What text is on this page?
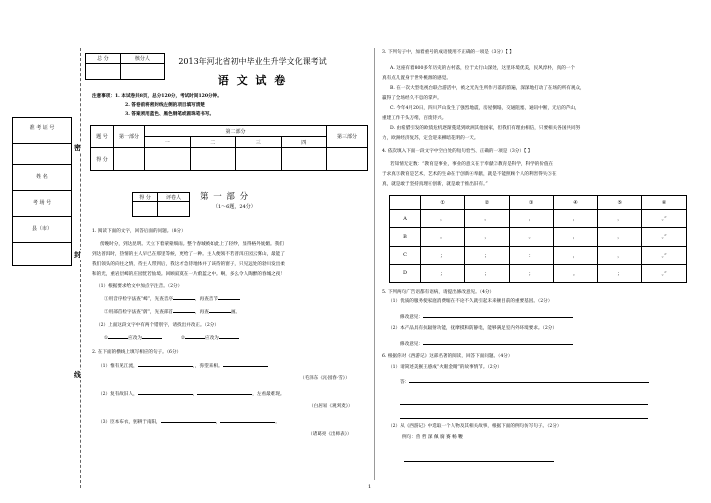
总 分	核分人

准 考 证 号
姓 名
考 场 号
县（市）
密
封
线
2013年河北省初中毕业生升学文化课考试
语 文 试 卷
注意事项：1. 本试卷共8页，总分120分，考试时间120分钟。
2. 答卷前将密封线左侧的项目填写清楚
3. 答案须用蓝色、黑色钢笔或圆珠笔书写。
题 号	第一部分	第二部分				第三部分
		一	二	三	四	
得 分						
得 分	评卷人
	第 一 部 分
（1～6题，24分）
1. 阅读下面的文字，回答后面的问题。（8分）
傍晚时分，到达昆明。天立下着蒙蒙细雨。整个春城被如此上了轻纱，显得格外妩媚。我们
到达普洱时，热情的主人早已在那里等候，更给了一种。主人便领不若普洱庄园云雾山，最能了
我们领头的向往之情，待主人带到后，我这才急待地体并了该待的窗子，只见远处的勃川发出柔
和的光，重岩层嶂的庄园恍若仙境。回顾寂寞在一片蔚蓝之中。啊，多么令人陶醉的春城之夜！
（1）根据要求给文中加点字注音。（2分）
①用音序检字法查“嶂”，先查音序	，再查音节
②用部首检字法查“蔚”，先查部首	，再查	画。
（2）上面这段文字中有两个错别字，请找出并改正。（2分）
①	应改为	②	应改为
2. 在下面的横线上填写相应的句子。（6分）
（1）惟有见江流，	，，弥望来相。
（毛泽东《沁园春·雪》）
（2）复有故旧人，	，	，左看最难现。
（白居易《观刈麦》）
（3）臣本布衣，躬耕于南阳，	，	。
（诸葛亮《出师表》）
1
3. 下列句子中，加着重号的成语使用不正确的一项是（3分）【 】
A. 这座有着800多年历史的古村落，位于太行山深处，这里环境优美，民风淳朴，真的一个
真有点儿置身于世外桃源的感觉。
B. 在一次大型电视台联合游活中，被之光先生所作月落的韵遍，深深地打动了在场的所有观众，
赢得了全场经久不息的掌声。
C. 今年4月20日，四川芦山发生了强烈地震，房屋倒塌，交通阻塞，通讯中断，无后的芦山，
重建工作千头万绪，百废待兴。
D. 由希腊引发的欧债危机逐渐蔓延到欧洲其他国家，但我们有理由相信，只要相关各国共同努
力，欧洲经济复苏，定会迎来柳暗花明的一天。
4. 依次填入下面一段文字中空白处的短句恰当、正确的一项是（3分）【 】
若知情无定数：“教育是事业，事业的意义在于奉献②教育是科学，科学的价值在
于求真③教育是艺术，艺术的生命在于创新④奉献，就是不能照顾个人的利害得失⑤在
真，就是敢于坚持真理⑥创新，就是敢于推出旧有。”
	①	②	③	④	⑤	⑥
A	，	。	，	，	，	。”
B	。	，	。	，	，	。”
C	；	；	：	，	，	。”
D	；	；	；	。	；	。”
5. 下列两句广告语都有语病，请提出修改意见。（4分）
（1）优质的服务使家庭消费缩在不论不久就引起未来额目前的重要基因。（2分）
修改意见：
（2）本产品具有抗辐射功能，抚摩摸和防静电，能够满足室内外环境要求。（2分）
修改意见：
6. 根据你对《西游记》这部名著的阅读，回答下面问题。（4分）
（1）请简述美猴王感成“火眼金睛”的故事情节。（2分）
答：
（2）从《西游记》中选取一个人物及其相关故事，根据下面的例句仿写句子。（2分）
例句：兽 哲 深 佩 腐 赛 畅 鞭
